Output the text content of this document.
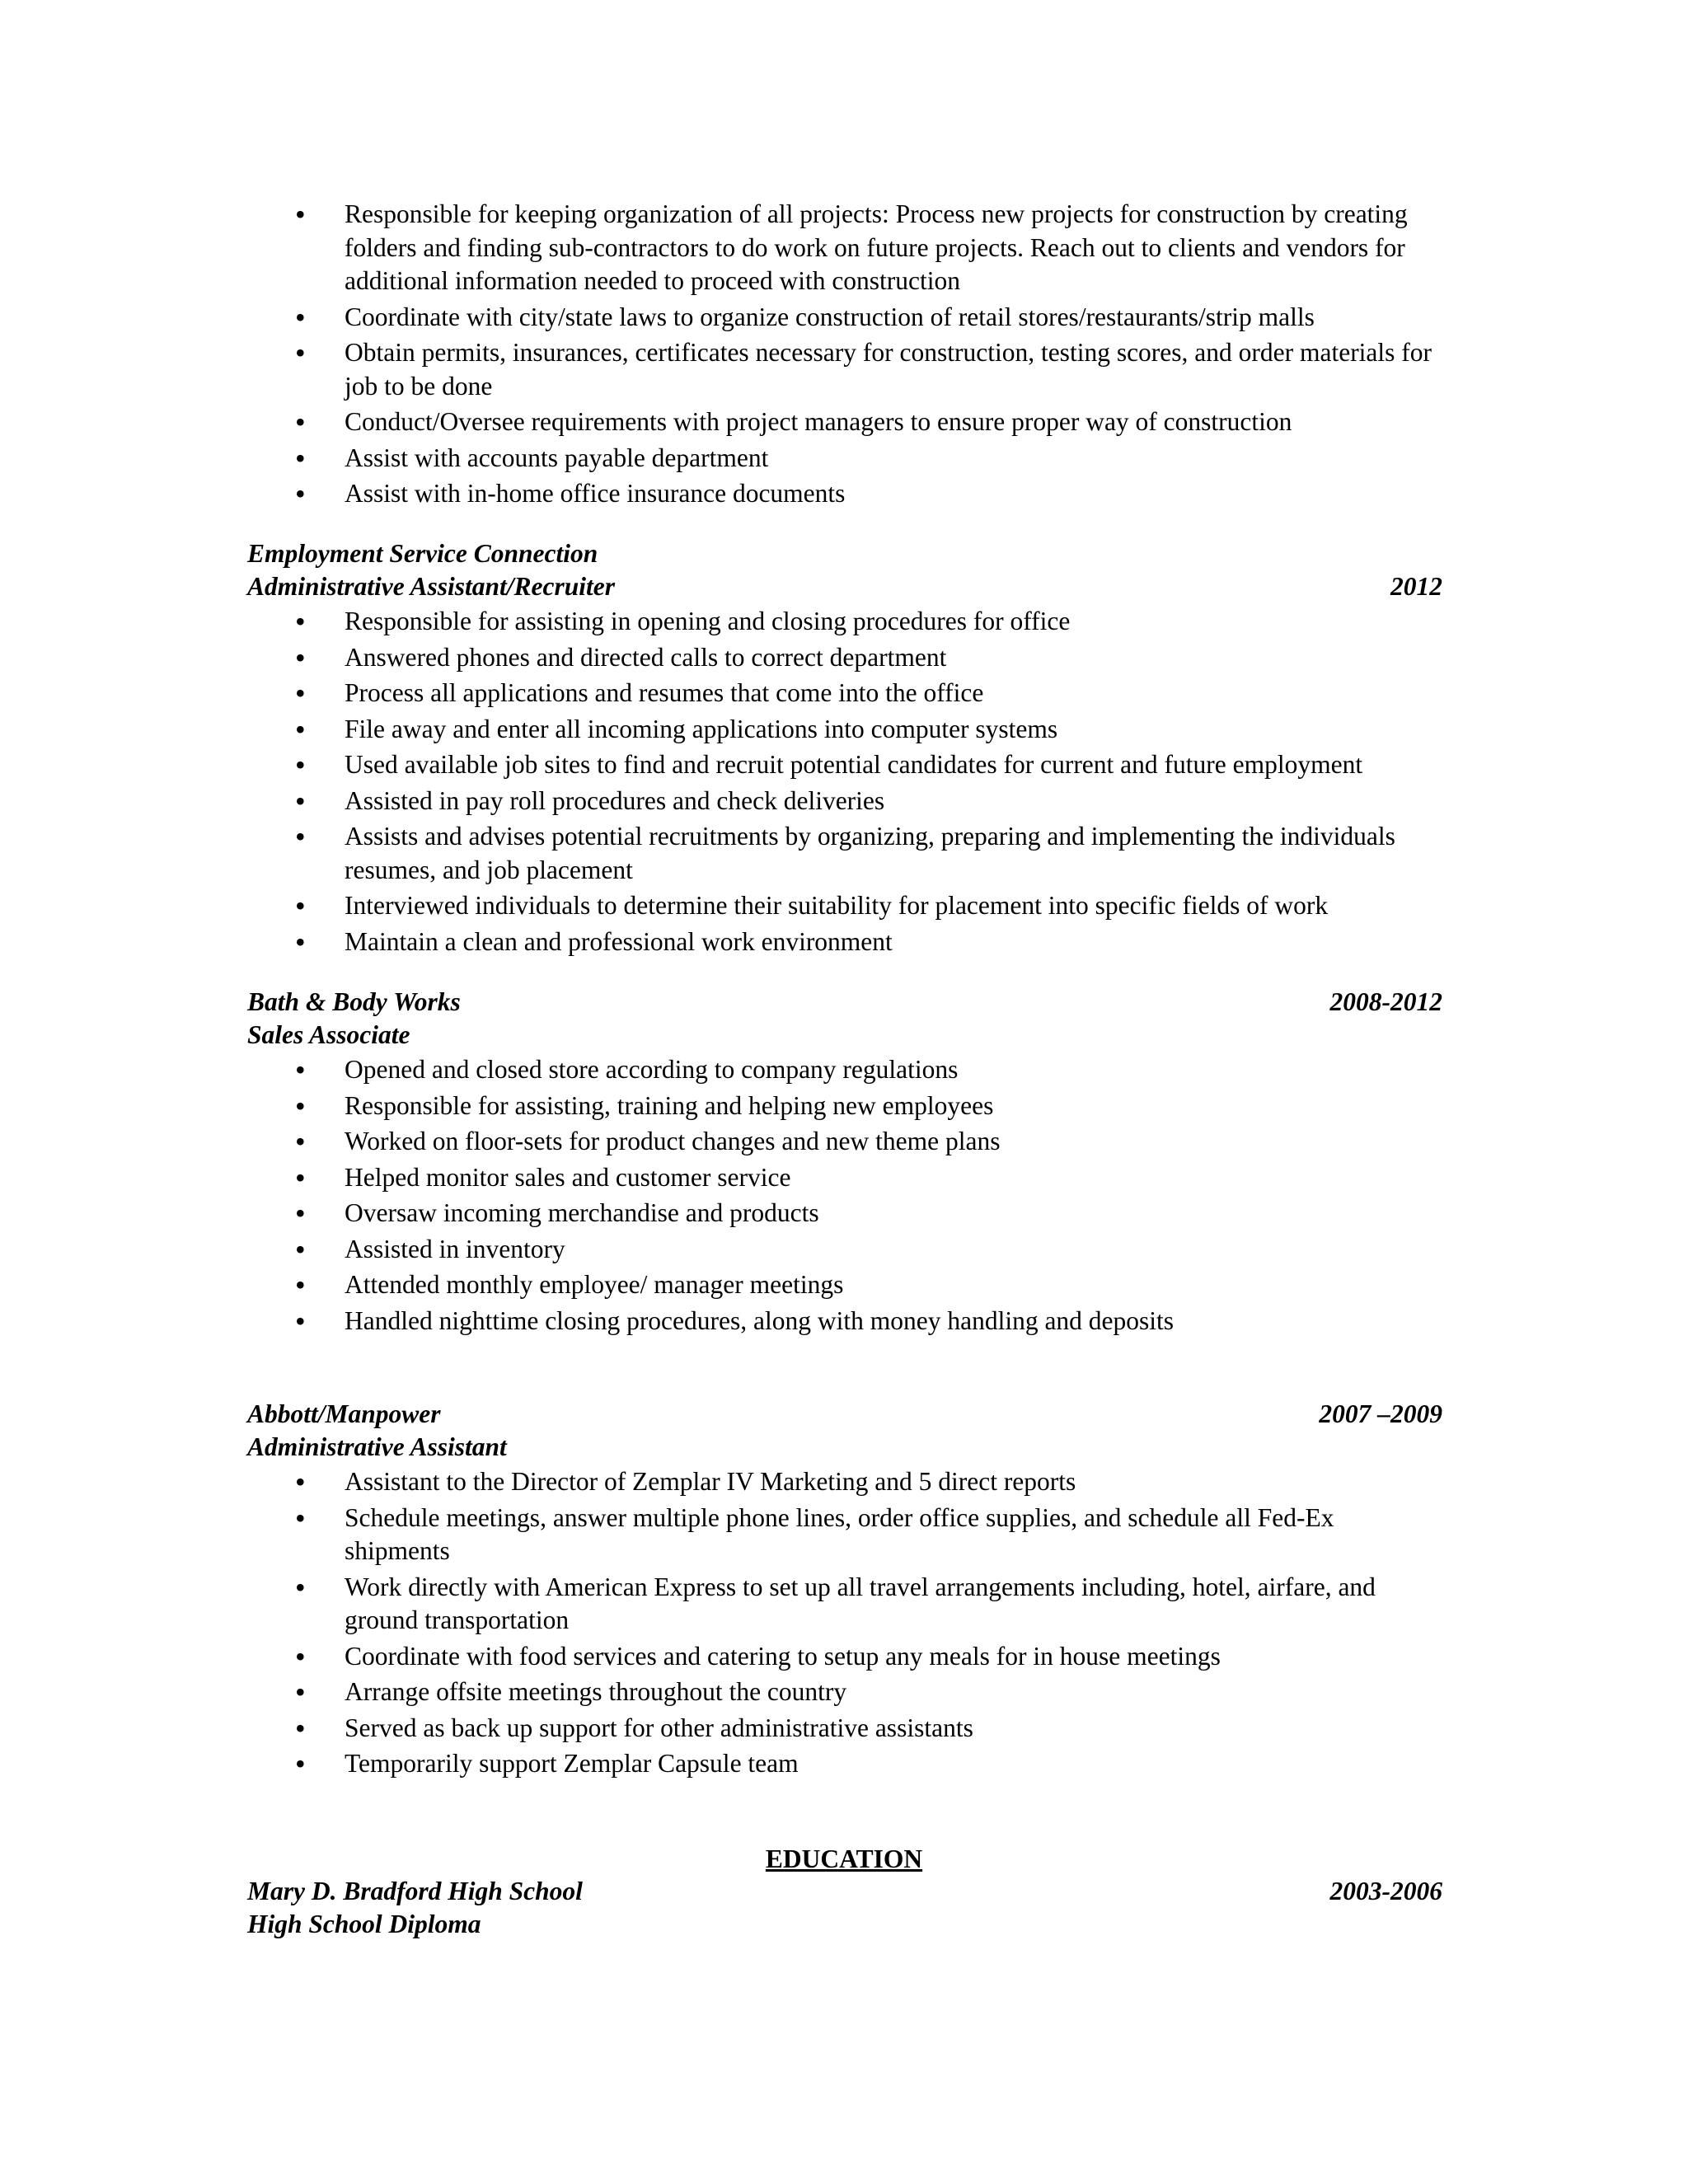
• Responsible for keeping organization of all projects: Process new projects for construction by creating folders and finding sub-contractors to do work on future projects. Reach out to clients and vendors for additional information needed to proceed with construction
• Coordinate with city/state laws to organize construction of retail stores/restaurants/strip malls
• Obtain permits, insurances, certificates necessary for construction, testing scores, and order materials for job to be done
• Conduct/Oversee requirements with project managers to ensure proper way of construction
• Assist with accounts payable department
• Assist with in-home office insurance documents
Employment Service Connection
Administrative Assistant/Recruiter	2012
• Responsible for assisting in opening and closing procedures for office
• Answered phones and directed calls to correct department
• Process all applications and resumes that come into the office
• File away and enter all incoming applications into computer systems
• Used available job sites to find and recruit potential candidates for current and future employment
• Assisted in pay roll procedures and check deliveries
• Assists and advises potential recruitments by organizing, preparing and implementing the individuals resumes, and job placement
• Interviewed individuals to determine their suitability for placement into specific fields of work
• Maintain a clean and professional work environment
Bath & Body Works	2008-2012
Sales Associate
• Opened and closed store according to company regulations
• Responsible for assisting, training and helping new employees
• Worked on floor-sets for product changes and new theme plans
• Helped monitor sales and customer service
• Oversaw incoming merchandise and products
• Assisted in inventory
• Attended monthly employee/ manager meetings
• Handled nighttime closing procedures, along with money handling and deposits
Abbott/Manpower	2007 –2009
Administrative Assistant
• Assistant to the Director of Zemplar IV Marketing and 5 direct reports
• Schedule meetings, answer multiple phone lines, order office supplies, and schedule all Fed-Ex shipments
• Work directly with American Express to set up all travel arrangements including, hotel, airfare, and ground transportation
• Coordinate with food services and catering to setup any meals for in house meetings
• Arrange offsite meetings throughout the country
• Served as back up support for other administrative assistants
• Temporarily support Zemplar Capsule team
EDUCATION
Mary D. Bradford High School	2003-2006
High School Diploma
